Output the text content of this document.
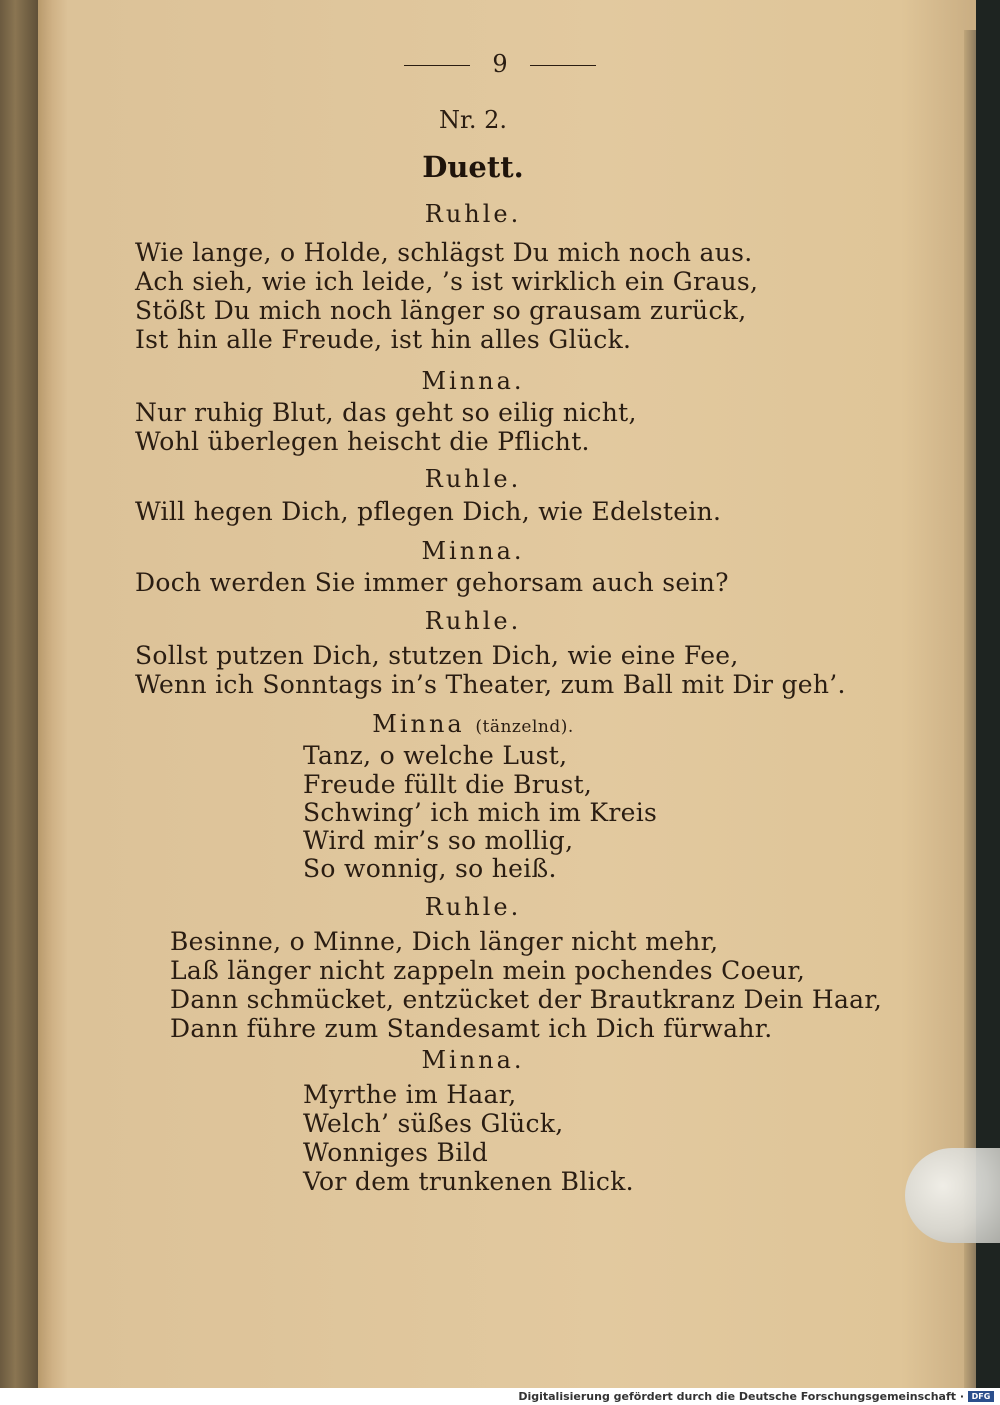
9
Nr. 2.
Duett.
Ruhle.
Wie lange, o Holde, schlägst Du mich noch aus.
Ach sieh, wie ich leide, ’s ist wirklich ein Graus,
Stößt Du mich noch länger so grausam zurück,
Ist hin alle Freude, ist hin alles Glück.
Minna.
Nur ruhig Blut, das geht so eilig nicht,
Wohl überlegen heischt die Pflicht.
Ruhle.
Will hegen Dich, pflegen Dich, wie Edelstein.
Minna.
Doch werden Sie immer gehorsam auch sein?
Ruhle.
Sollst putzen Dich, stutzen Dich, wie eine Fee,
Wenn ich Sonntags in’s Theater, zum Ball mit Dir geh’.
Minna (tänzelnd).
Tanz, o welche Lust,
Freude füllt die Brust,
Schwing’ ich mich im Kreis
Wird mir’s so mollig,
So wonnig, so heiß.
Ruhle.
Besinne, o Minne, Dich länger nicht mehr,
Laß länger nicht zappeln mein pochendes Coeur,
Dann schmücket, entzücket der Brautkranz Dein Haar,
Dann führe zum Standesamt ich Dich fürwahr.
Minna.
Myrthe im Haar,
Welch’ süßes Glück,
Wonniges Bild
Vor dem trunkenen Blick.
Digitalisierung gefördert durch die Deutsche Forschungsgemeinschaft · DFG
